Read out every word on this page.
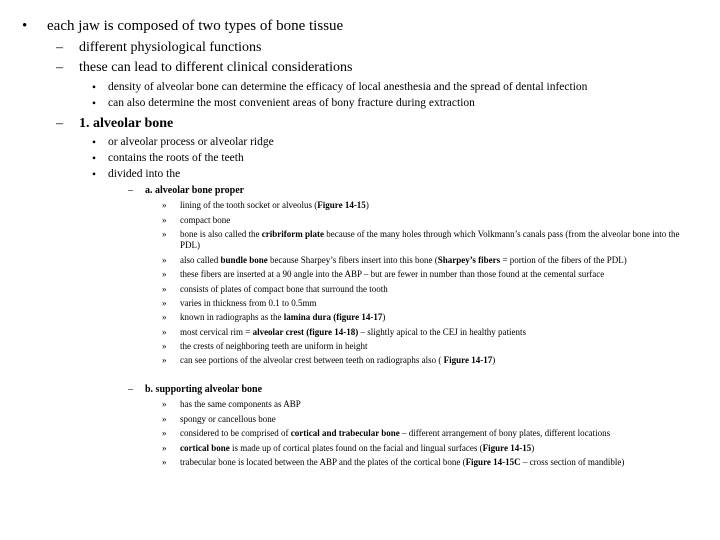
• each jaw is composed of two types of bone tissue
– different physiological functions
– these can lead to different clinical considerations
• density of alveolar bone can determine the efficacy of local anesthesia and the spread of dental infection
• can also determine the most convenient areas of bony fracture during extraction
– 1. alveolar bone
• or alveolar process or alveolar ridge
• contains the roots of the teeth
• divided into the
– a. alveolar bone proper
» lining of the tooth socket or alveolus (Figure 14-15)
» compact bone
» bone is also called the cribriform plate because of the many holes through which Volkmann’s canals pass (from the alveolar bone into the PDL)
» also called bundle bone because Sharpey’s fibers insert into this bone (Sharpey’s fibers = portion of the fibers of the PDL)
» these fibers are inserted at a 90 angle into the ABP – but are fewer in number than those found at the cemental surface
» consists of plates of compact bone that surround the tooth
» varies in thickness from 0.1 to 0.5mm
» known in radiographs as the lamina dura (figure 14-17)
» most cervical rim = alveolar crest (figure 14-18) – slightly apical to the CEJ in healthy patients
» the crests of neighboring teeth are uniform in height
» can see portions of the alveolar crest between teeth on radiographs also ( Figure 14-17)
– b. supporting alveolar bone
» has the same components as ABP
» spongy or cancellous bone
» considered to be comprised of cortical and trabecular bone – different arrangement of bony plates, different locations
» cortical bone is made up of cortical plates found on the facial and lingual surfaces (Figure 14-15)
» trabecular bone is located between the ABP and the plates of the cortical bone (Figure 14-15C – cross section of mandible)
